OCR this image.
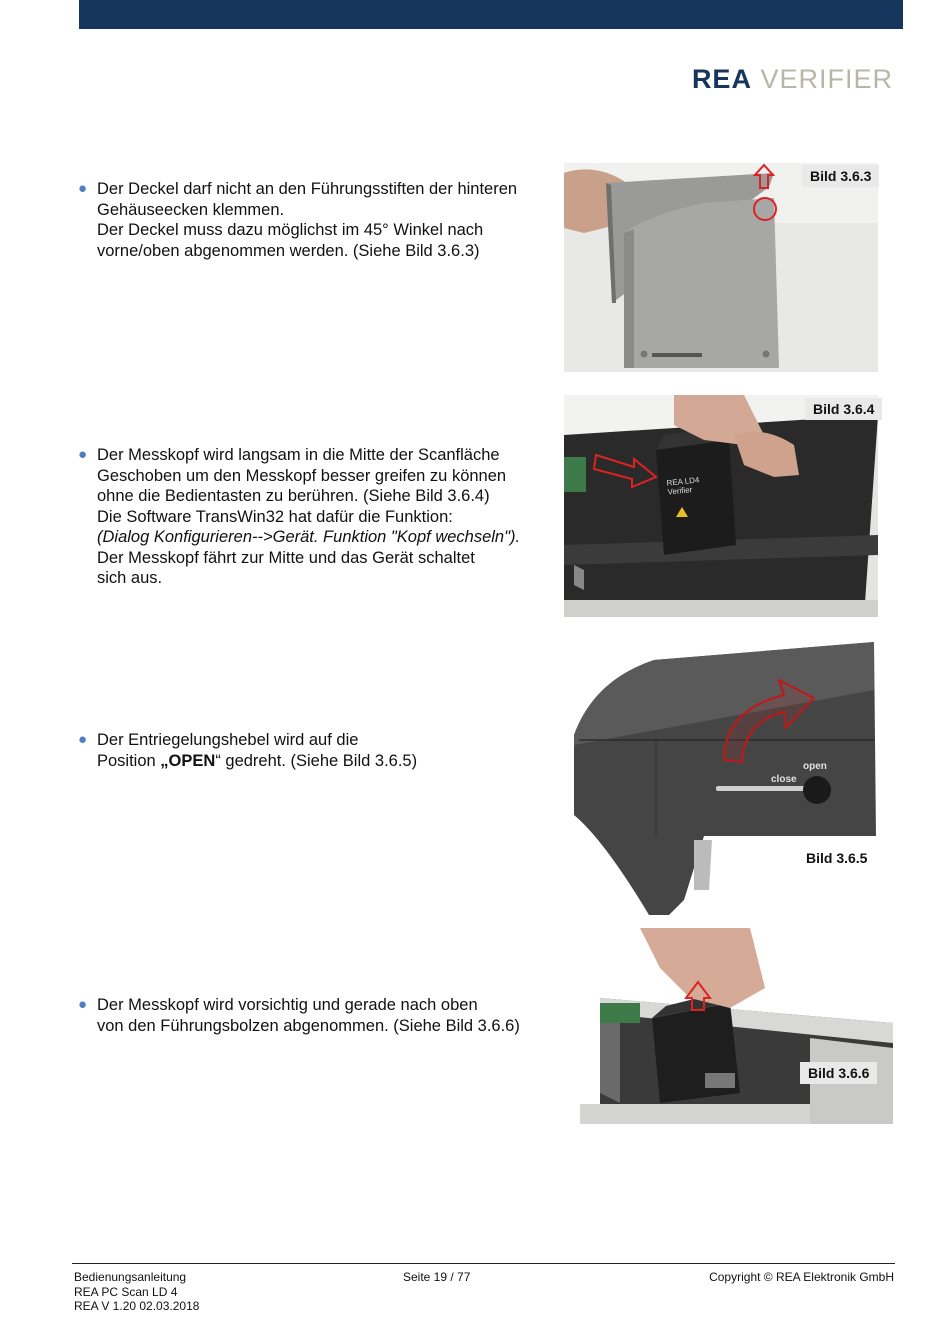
REA VERIFIER
● Der Deckel darf nicht an den Führungsstiften der hinteren
Gehäuseecken klemmen.
Der Deckel muss dazu möglichst im 45° Winkel nach
vorne/oben abgenommen werden. (Siehe Bild 3.6.3)
Bild 3.6.3
● Der Messkopf wird langsam in die Mitte der Scanfläche
Geschoben um den Messkopf besser greifen zu können
ohne die Bedientasten zu berühren. (Siehe Bild 3.6.4)
Die Software TransWin32 hat dafür die Funktion:
(Dialog Konfigurieren-->Gerät. Funktion "Kopf wechseln").
Der Messkopf fährt zur Mitte und das Gerät schaltet
sich aus.
REA LD4
Verifier
Bild 3.6.4
● Der Entriegelungshebel wird auf die
Position „OPEN“ gedreht. (Siehe Bild 3.6.5)	open
close
Bild 3.6.5
● Der Messkopf wird vorsichtig und gerade nach oben
von den Führungsbolzen abgenommen. (Siehe Bild 3.6.6)
Bild 3.6.6
Bedienungsanleitung
REA PC Scan LD 4
REA V 1.20 02.03.2018
Seite 19 / 77	Copyright © REA Elektronik GmbH
